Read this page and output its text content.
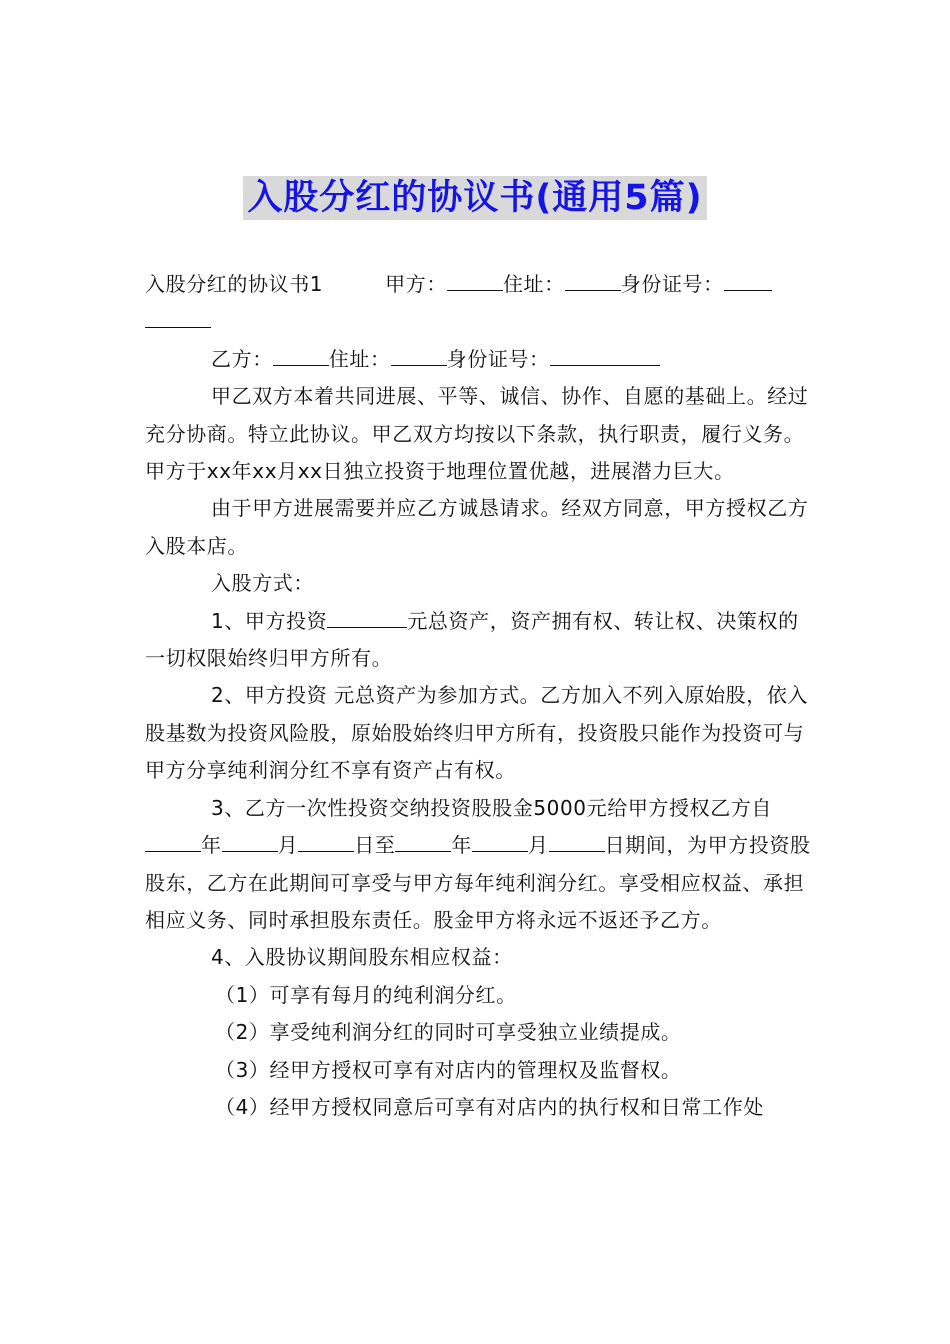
入股分红的协议书(通用5篇)

入股分红的协议书1	甲方：	住址：	身份证号：

乙方：	住址：	身份证号：

甲乙双方本着共同进展、平等、诚信、协作、自愿的基础上。经过充分协商。特立此协议。甲乙双方均按以下条款，执行职责，履行义务。甲方于xx年xx月xx日独立投资于地理位置优越，进展潜力巨大。

由于甲方进展需要并应乙方诚恳请求。经双方同意，甲方授权乙方入股本店。

入股方式：

1、甲方投资	元总资产，资产拥有权、转让权、决策权的一切权限始终归甲方所有。

2、甲方投资 元总资产为参加方式。乙方加入不列入原始股，依入股基数为投资风险股，原始股始终归甲方所有，投资股只能作为投资可与甲方分享纯利润分红不享有资产占有权。

3、乙方一次性投资交纳投资股股金5000元给甲方授权乙方自年	月	日至	年	月	日期间，为甲方投资股股东，乙方在此期间可享受与甲方每年纯利润分红。享受相应权益、承担相应义务、同时承担股东责任。股金甲方将永远不返还予乙方。

4、入股协议期间股东相应权益：

（1）可享有每月的纯利润分红。

（2）享受纯利润分红的同时可享受独立业绩提成。

（3）经甲方授权可享有对店内的管理权及监督权。

（4）经甲方授权同意后可享有对店内的执行权和日常工作处
